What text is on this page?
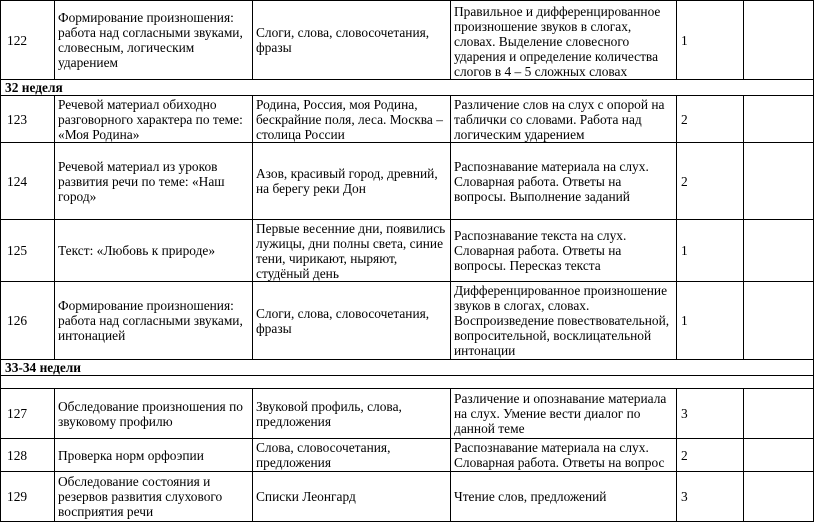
122	Формирование произношения: работа над согласными звуками, словесным, логическим ударением	Слоги, слова, словосочетания, фразы	Правильное и дифференцированное произношение звуков в слогах, словах. Выделение словесного ударения и определение количества слогов в 4 – 5 сложных словах	1	
32 неделя					
123	Речевой материал обиходно разговорного характера по теме: «Моя Родина»	Родина, Россия, моя Родина, бескрайние поля, леса. Москва – столица России	Различение слов на слух с опорой на таблички со словами. Работа над логическим ударением	2	
124	Речевой материал из уроков развития речи по теме: «Наш город»	Азов, красивый город, древний, на берегу реки Дон	Распознавание материала на слух. Словарная работа. Ответы на вопросы. Выполнение заданий	2	
125	Текст: «Любовь к природе»	Первые весенние дни, появились лужицы, дни полны света, синие тени, чирикают, ныряют, студёный день	Распознавание текста на слух. Словарная работа. Ответы на вопросы. Пересказ текста	1	
126	Формирование произношения: работа над согласными звуками, интонацией	Слоги, слова, словосочетания, фразы	Дифференцированное произношение звуков в слогах, словах. Воспроизведение повествовательной, вопросительной, восклицательной интонации	1	
33-34 недели					

127	Обследование произношения по звуковому профилю	Звуковой профиль, слова, предложения	Различение и опознавание материала на слух. Умение вести диалог по данной теме	3	
128	Проверка норм орфоэпии	Слова, словосочетания, предложения	Распознавание материала на слух. Словарная работа. Ответы на вопрос	2	
129	Обследование состояния и резервов развития слухового восприятия речи	Списки Леонгард	Чтение слов, предложений	3	
